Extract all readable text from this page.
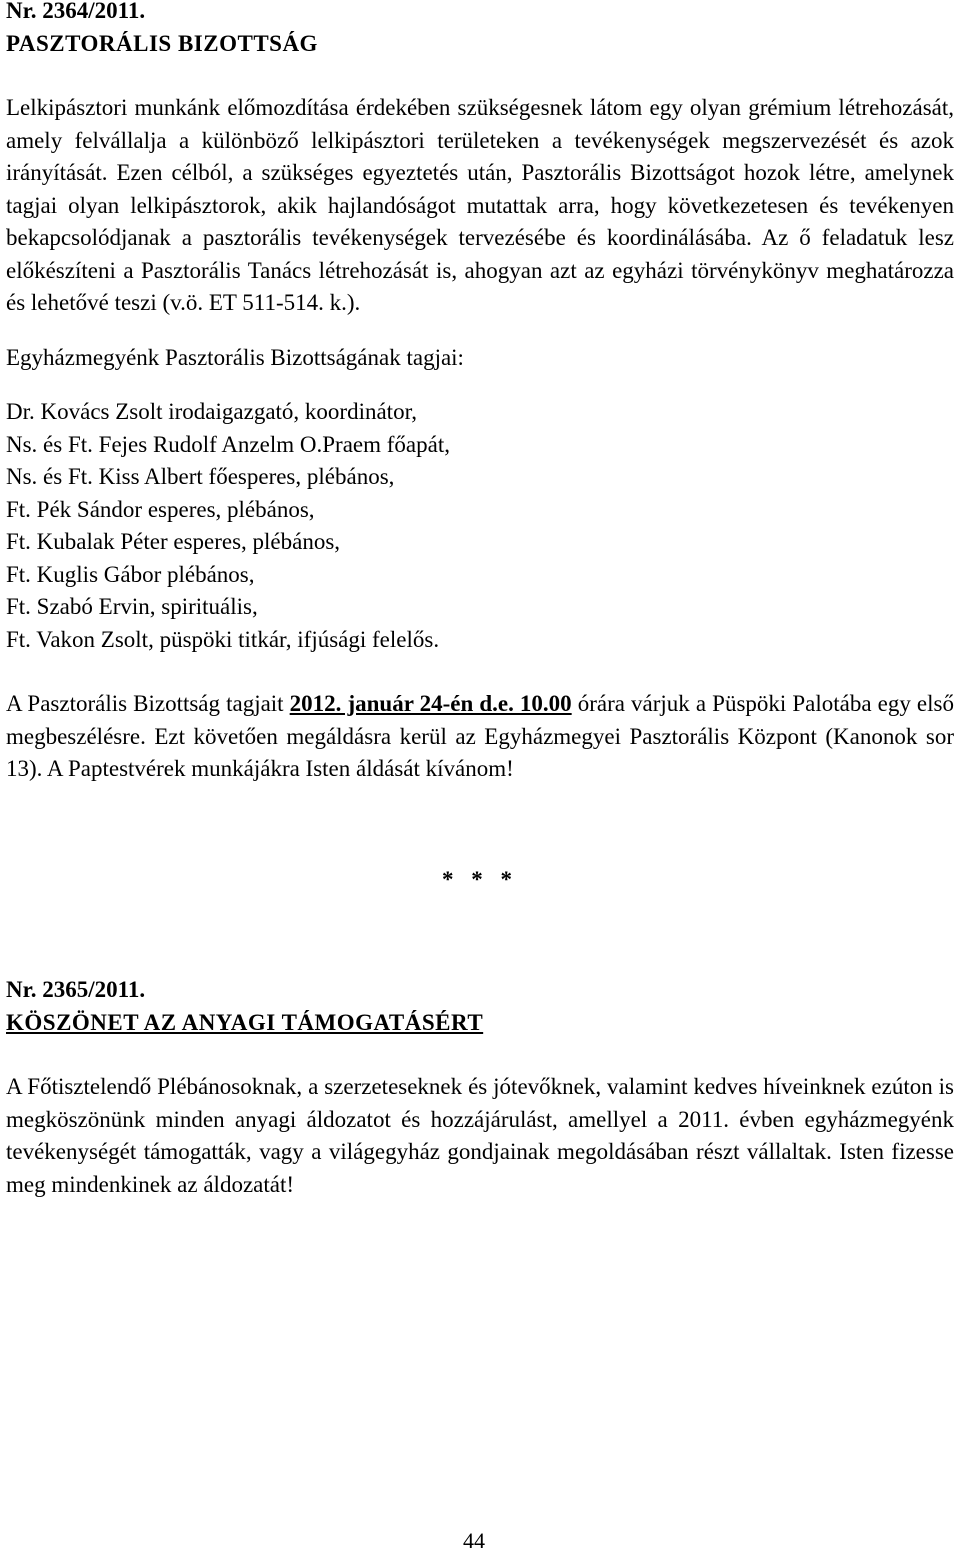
Nr. 2364/2011.
PASZTORÁLIS BIZOTTSÁG

Lelkipásztori munkánk előmozdítása érdekében szükségesnek látom egy olyan grémium létrehozását, amely felvállalja a különböző lelkipásztori területeken a tevékenységek megszervezését és azok irányítását. Ezen célból, a szükséges egyeztetés után, Pasztorális Bizottságot hozok létre, amelynek tagjai olyan lelkipásztorok, akik hajlandóságot mutattak arra, hogy következetesen és tevékenyen bekapcsolódjanak a pasztorális tevékenységek tervezésébe és koordinálásába. Az ő feladatuk lesz előkészíteni a Pasztorális Tanács létrehozását is, ahogyan azt az egyházi törvénykönyv meghatározza és lehetővé teszi (v.ö. ET 511-514. k.).

Egyházmegyénk Pasztorális Bizottságának tagjai:
Dr. Kovács Zsolt irodaigazgató, koordinátor,
Ns. és Ft. Fejes Rudolf Anzelm O.Praem főapát,
Ns. és Ft. Kiss Albert főesperes, plébános,
Ft. Pék Sándor esperes, plébános,
Ft. Kubalak Péter esperes, plébános,
Ft. Kuglis Gábor plébános,
Ft. Szabó Ervin, spirituális,
Ft. Vakon Zsolt, püspöki titkár, ifjúsági felelős.

A Pasztorális Bizottság tagjait 2012. január 24-én d.e. 10.00 órára várjuk a Püspöki Palotába egy első megbeszélésre. Ezt követően megáldásra kerül az Egyházmegyei Pasztorális Központ (Kanonok sor 13). A Paptestvérek munkájákra Isten áldását kívánom!

* * *
Nr. 2365/2011.
KÖSZÖNET AZ ANYAGI TÁMOGATÁSÉRT

A Főtisztelendő Plébánosoknak, a szerzeteseknek és jótevőknek, valamint kedves híveinknek ezúton is megköszönünk minden anyagi áldozatot és hozzájárulást, amellyel a 2011. évben egyházmegyénk tevékenységét támogatták, vagy a világegyház gondjainak megoldásában részt vállaltak. Isten fizesse meg mindenkinek az áldozatát!

44
